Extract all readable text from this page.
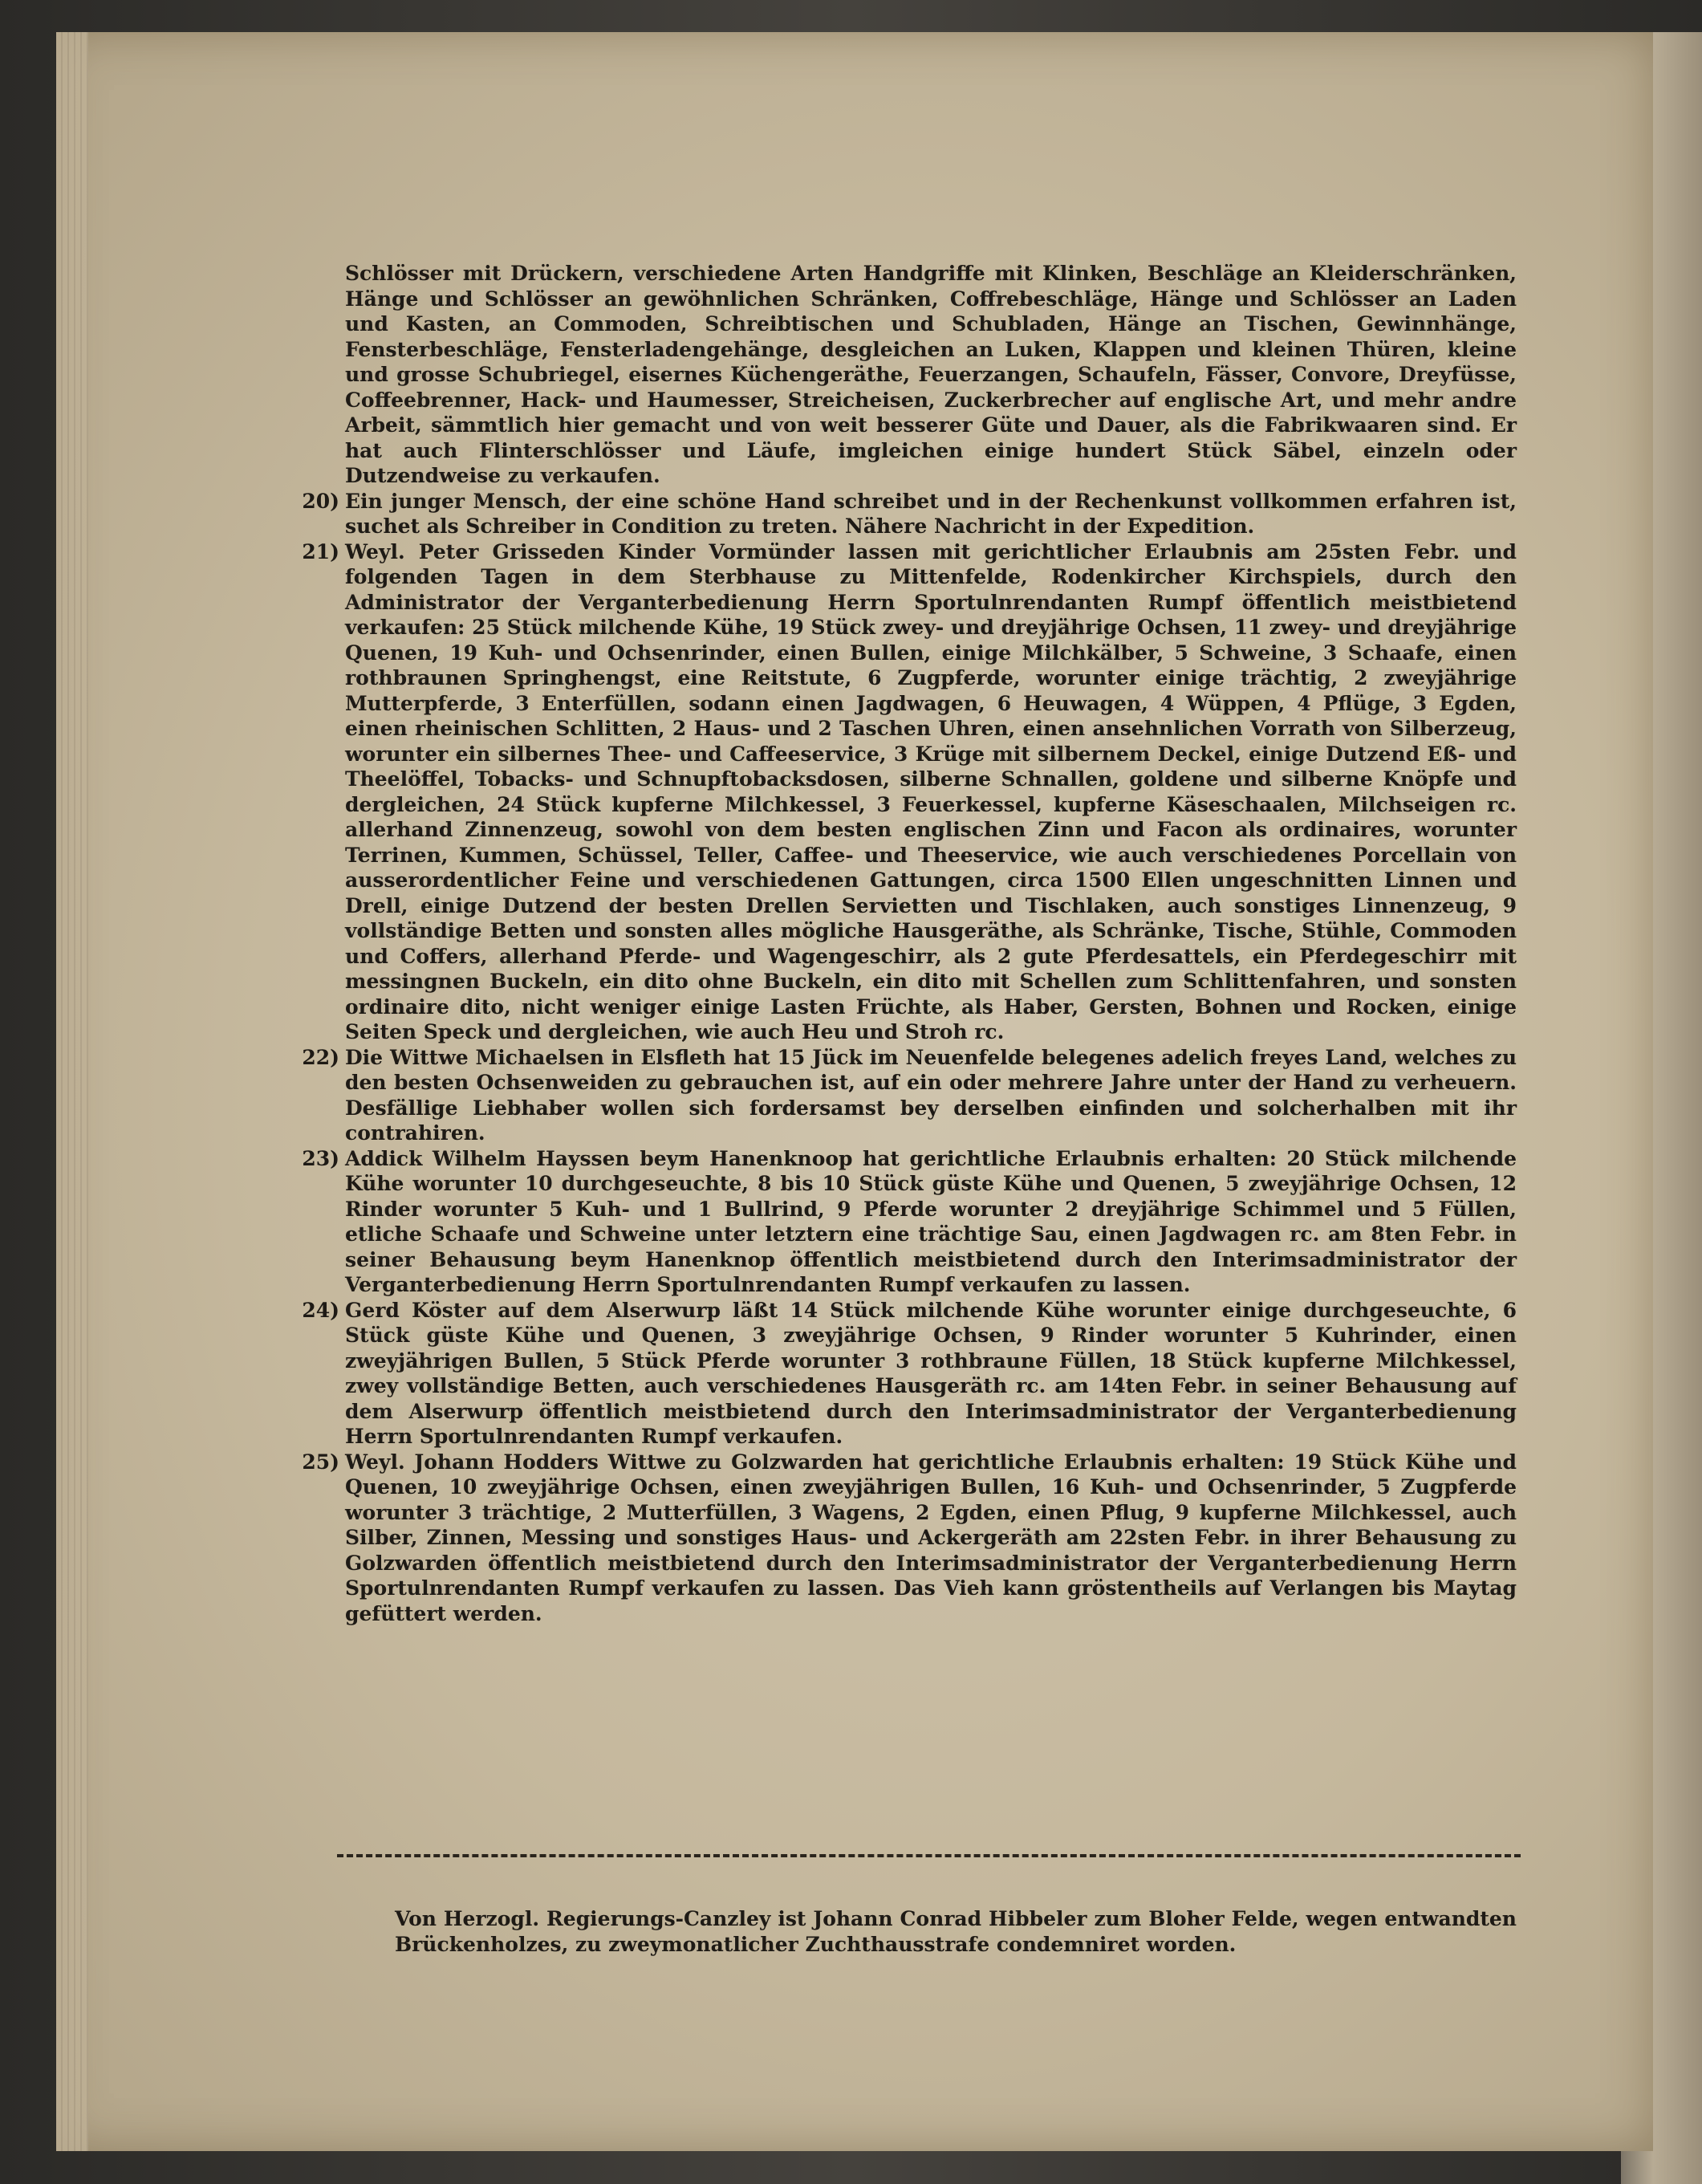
Schlösser mit Drückern, verschiedene Arten Handgriffe mit Klinken, Beschläge an Kleiderschränken, Hänge und Schlösser an gewöhnlichen Schränken, Coffrebeschläge, Hänge und Schlösser an Laden und Kasten, an Commoden, Schreibtischen und Schubladen, Hänge an Tischen, Gewinnhänge, Fensterbeschläge, Fensterladengehänge, desgleichen an Luken, Klappen und kleinen Thüren, kleine und grosse Schubriegel, eisernes Küchengeräthe, Feuerzangen, Schaufeln, Fässer, Convore, Dreyfüsse, Coffeebrenner, Hack- und Haumesser, Streicheisen, Zuckerbrecher auf englische Art, und mehr andre Arbeit, sämmtlich hier gemacht und von weit besserer Güte und Dauer, als die Fabrikwaaren sind. Er hat auch Flinterschlösser und Läufe, imgleichen einige hundert Stück Säbel, einzeln oder Dutzendweise zu verkaufen.

20) Ein junger Mensch, der eine schöne Hand schreibet und in der Rechenkunst vollkommen erfahren ist, suchet als Schreiber in Condition zu treten. Nähere Nachricht in der Expedition.

21) Weyl. Peter Grisseden Kinder Vormünder lassen mit gerichtlicher Erlaubnis am 25sten Febr. und folgenden Tagen in dem Sterbhause zu Mittenfelde, Rodenkircher Kirchspiels, durch den Administrator der Verganterbedienung Herrn Sportulnrendanten Rumpf öffentlich meistbietend verkaufen: 25 Stück milchende Kühe, 19 Stück zwey- und dreyjährige Ochsen, 11 zwey- und dreyjährige Quenen, 19 Kuh- und Ochsenrinder, einen Bullen, einige Milchkälber, 5 Schweine, 3 Schaafe, einen rothbraunen Springhengst, eine Reitstute, 6 Zugpferde, worunter einige trächtig, 2 zweyjährige Mutterpferde, 3 Enterfüllen, sodann einen Jagdwagen, 6 Heuwagen, 4 Wüppen, 4 Pflüge, 3 Egden, einen rheinischen Schlitten, 2 Haus- und 2 Taschen Uhren, einen ansehnlichen Vorrath von Silberzeug, worunter ein silbernes Thee- und Caffeeservice, 3 Krüge mit silbernem Deckel, einige Dutzend Eß- und Theelöffel, Tobacks- und Schnupftobacksdosen, silberne Schnallen, goldene und silberne Knöpfe und dergleichen, 24 Stück kupferne Milchkessel, 3 Feuerkessel, kupferne Käseschaalen, Milchseigen rc. allerhand Zinnenzeug, sowohl von dem besten englischen Zinn und Facon als ordinaires, worunter Terrinen, Kummen, Schüssel, Teller, Caffee- und Theeservice, wie auch verschiedenes Porcellain von ausserordentlicher Feine und verschiedenen Gattungen, circa 1500 Ellen ungeschnitten Linnen und Drell, einige Dutzend der besten Drellen Servietten und Tischlaken, auch sonstiges Linnenzeug, 9 vollständige Betten und sonsten alles mögliche Hausgeräthe, als Schränke, Tische, Stühle, Commoden und Coffers, allerhand Pferde- und Wagengeschirr, als 2 gute Pferdesattels, ein Pferdegeschirr mit messingnen Buckeln, ein dito ohne Buckeln, ein dito mit Schellen zum Schlittenfahren, und sonsten ordinaire dito, nicht weniger einige Lasten Früchte, als Haber, Gersten, Bohnen und Rocken, einige Seiten Speck und dergleichen, wie auch Heu und Stroh rc.

22) Die Wittwe Michaelsen in Elsfleth hat 15 Jück im Neuenfelde belegenes adelich freyes Land, welches zu den besten Ochsenweiden zu gebrauchen ist, auf ein oder mehrere Jahre unter der Hand zu verheuern. Desfällige Liebhaber wollen sich fordersamst bey derselben einfinden und solcherhalben mit ihr contrahiren.

23) Addick Wilhelm Hayssen beym Hanenknoop hat gerichtliche Erlaubnis erhalten: 20 Stück milchende Kühe worunter 10 durchgeseuchte, 8 bis 10 Stück güste Kühe und Quenen, 5 zweyjährige Ochsen, 12 Rinder worunter 5 Kuh- und 1 Bullrind, 9 Pferde worunter 2 dreyjährige Schimmel und 5 Füllen, etliche Schaafe und Schweine unter letztern eine trächtige Sau, einen Jagdwagen rc. am 8ten Febr. in seiner Behausung beym Hanenknop öffentlich meistbietend durch den Interimsadministrator der Verganterbedienung Herrn Sportulnrendanten Rumpf verkaufen zu lassen.

24) Gerd Köster auf dem Alserwurp läßt 14 Stück milchende Kühe worunter einige durchgeseuchte, 6 Stück güste Kühe und Quenen, 3 zweyjährige Ochsen, 9 Rinder worunter 5 Kuhrinder, einen zweyjährigen Bullen, 5 Stück Pferde worunter 3 rothbraune Füllen, 18 Stück kupferne Milchkessel, zwey vollständige Betten, auch verschiedenes Hausgeräth rc. am 14ten Febr. in seiner Behausung auf dem Alserwurp öffentlich meistbietend durch den Interimsadministrator der Verganterbedienung Herrn Sportulnrendanten Rumpf verkaufen.

25) Weyl. Johann Hodders Wittwe zu Golzwarden hat gerichtliche Erlaubnis erhalten: 19 Stück Kühe und Quenen, 10 zweyjährige Ochsen, einen zweyjährigen Bullen, 16 Kuh- und Ochsenrinder, 5 Zugpferde worunter 3 trächtige, 2 Mutterfüllen, 3 Wagens, 2 Egden, einen Pflug, 9 kupferne Milchkessel, auch Silber, Zinnen, Messing und sonstiges Haus- und Ackergeräth am 22sten Febr. in ihrer Behausung zu Golzwarden öffentlich meistbietend durch den Interimsadministrator der Verganterbedienung Herrn Sportulnrendanten Rumpf verkaufen zu lassen. Das Vieh kann gröstentheils auf Verlangen bis Maytag gefüttert werden.

Von Herzogl. Regierungs-Canzley ist Johann Conrad Hibbeler zum Bloher Felde, wegen entwandten Brückenholzes, zu zweymonatlicher Zuchthausstrafe condemniret worden.
